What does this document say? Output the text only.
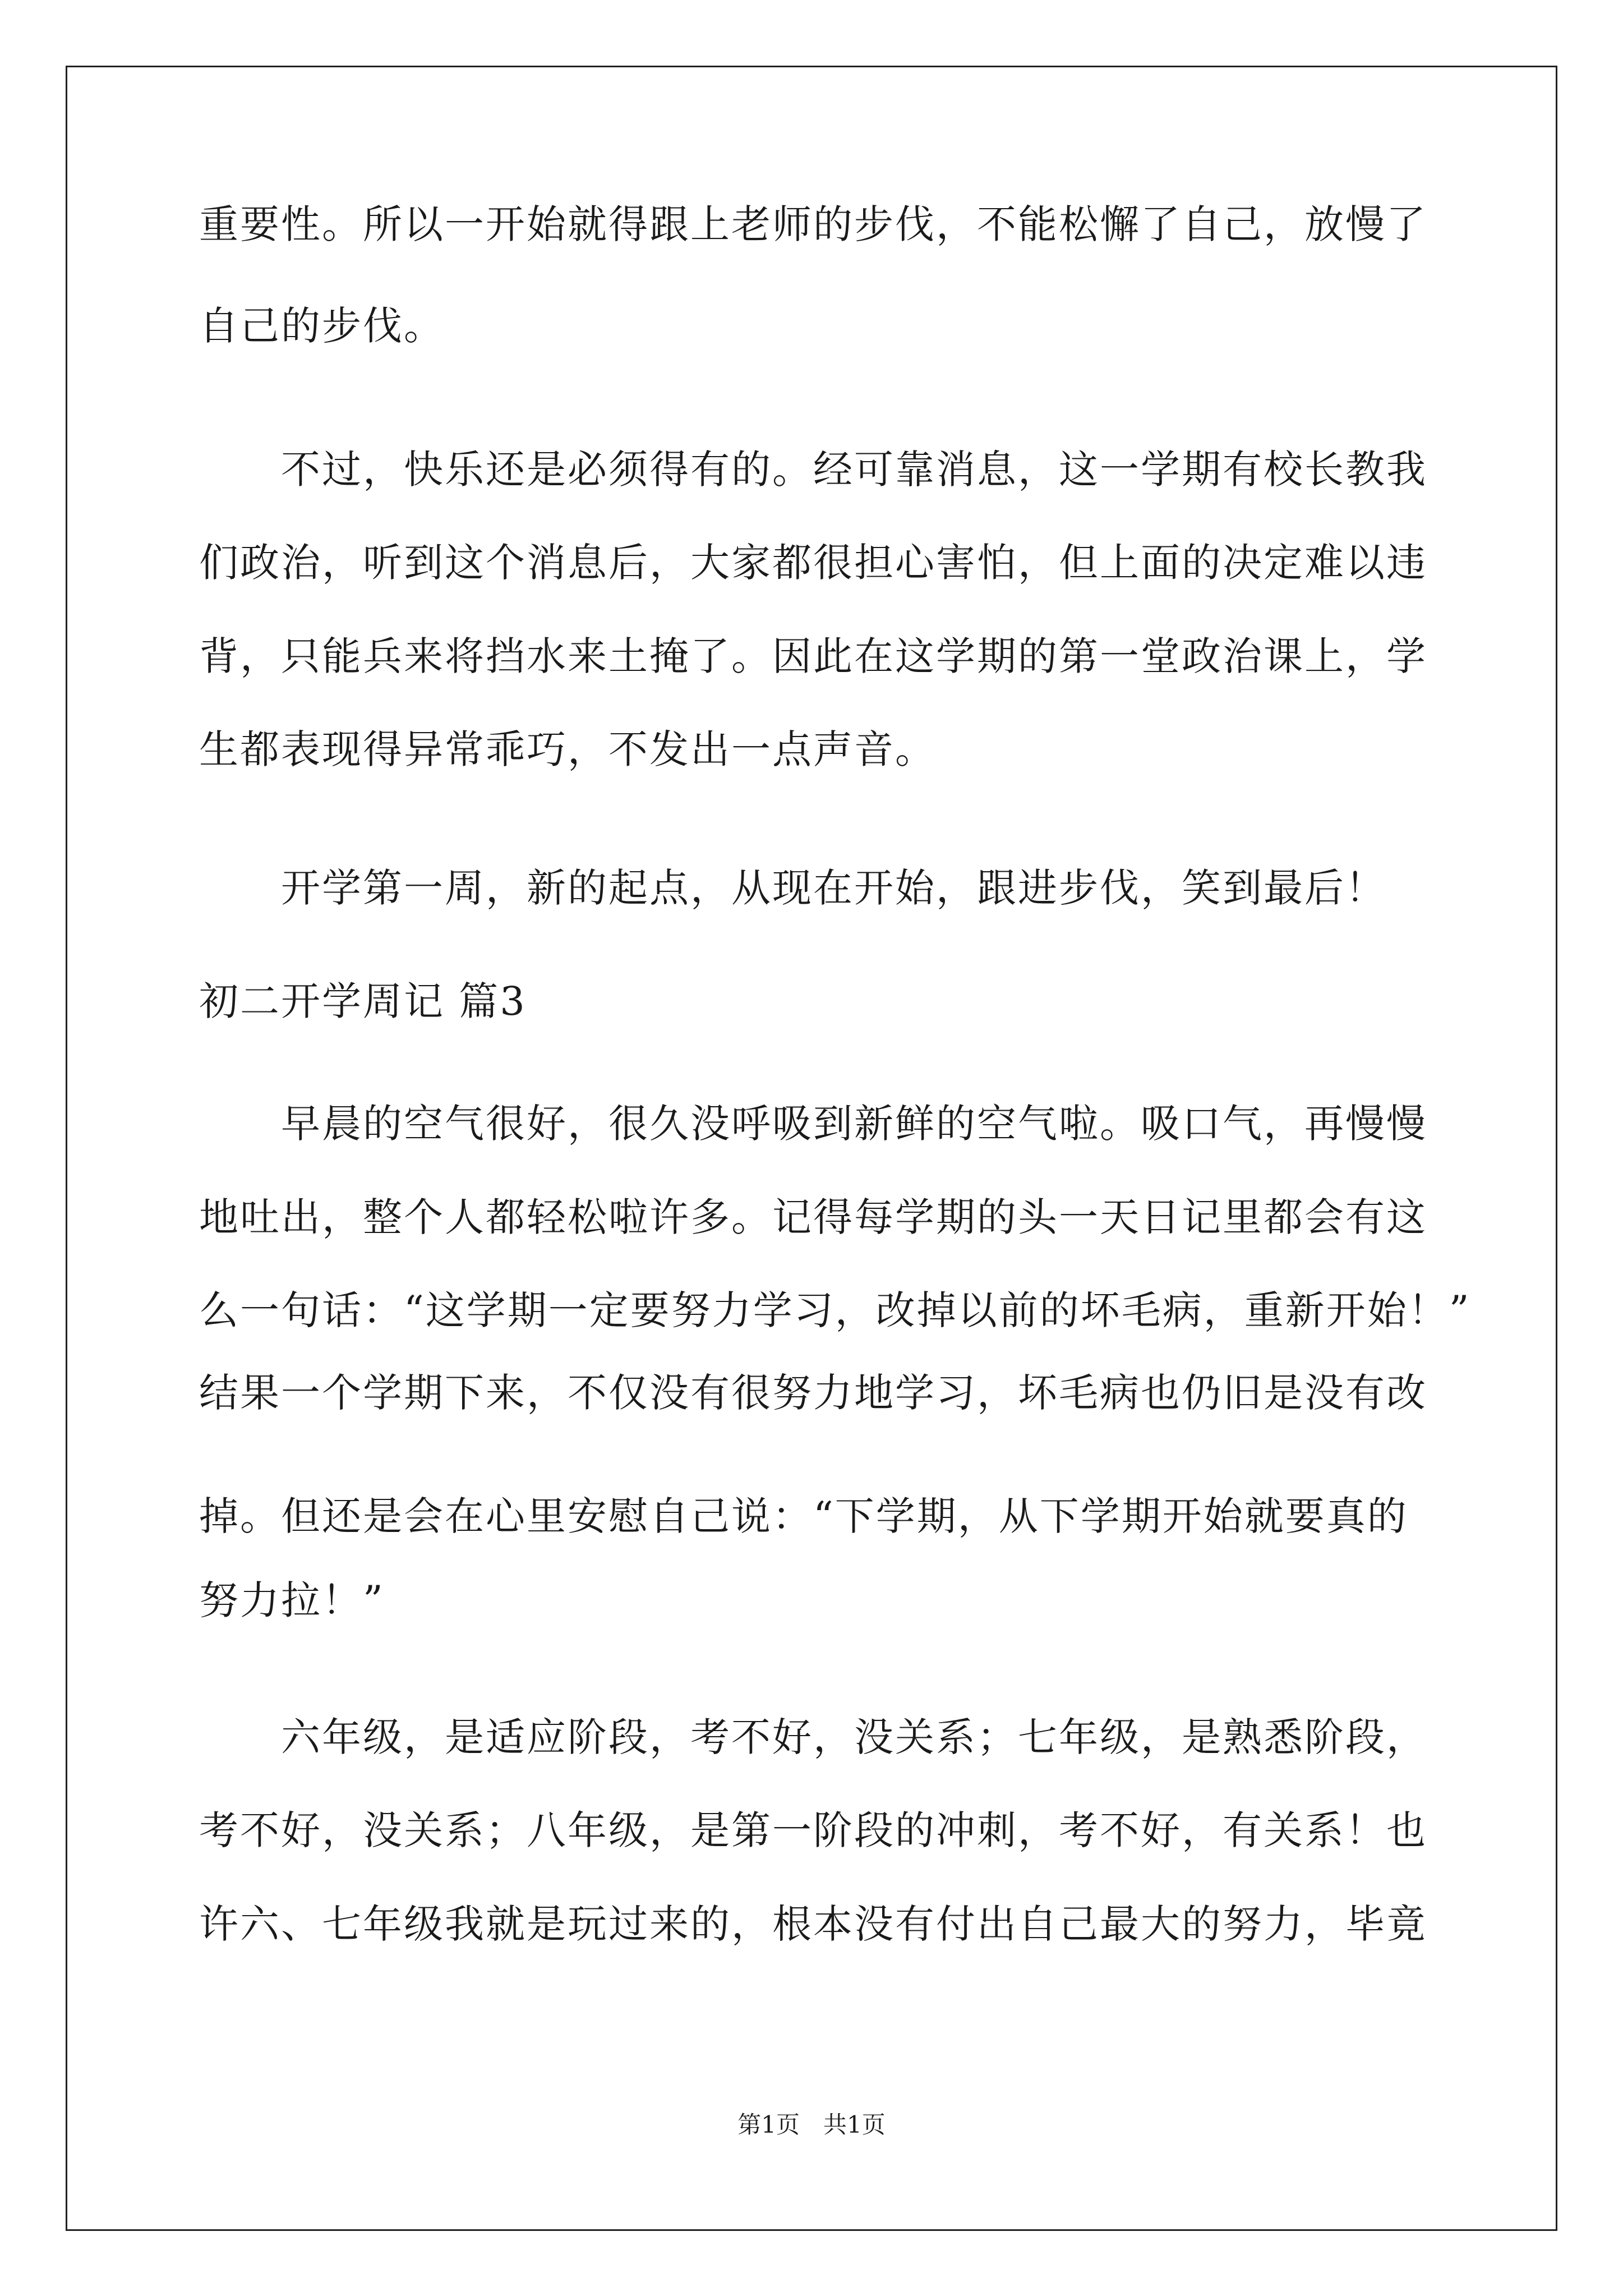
重要性。所以一开始就得跟上老师的步伐，不能松懈了自己，放慢了
自己的步伐。
　　不过，快乐还是必须得有的。经可靠消息，这一学期有校长教我
们政治，听到这个消息后，大家都很担心害怕，但上面的决定难以违
背，只能兵来将挡水来土掩了。因此在这学期的第一堂政治课上，学
生都表现得异常乖巧，不发出一点声音。
　　开学第一周，新的起点，从现在开始，跟进步伐，笑到最后！
初二开学周记 篇3
　　早晨的空气很好，很久没呼吸到新鲜的空气啦。吸口气，再慢慢
地吐出，整个人都轻松啦许多。记得每学期的头一天日记里都会有这
么一句话：“这学期一定要努力学习，改掉以前的坏毛病，重新开始！”
结果一个学期下来，不仅没有很努力地学习，坏毛病也仍旧是没有改
掉。但还是会在心里安慰自己说：“下学期，从下学期开始就要真的
努力拉！”
　　六年级，是适应阶段，考不好，没关系；七年级，是熟悉阶段，
考不好，没关系；八年级，是第一阶段的冲刺，考不好，有关系！也
许六、七年级我就是玩过来的，根本没有付出自己最大的努力，毕竟
第1页　共1页
